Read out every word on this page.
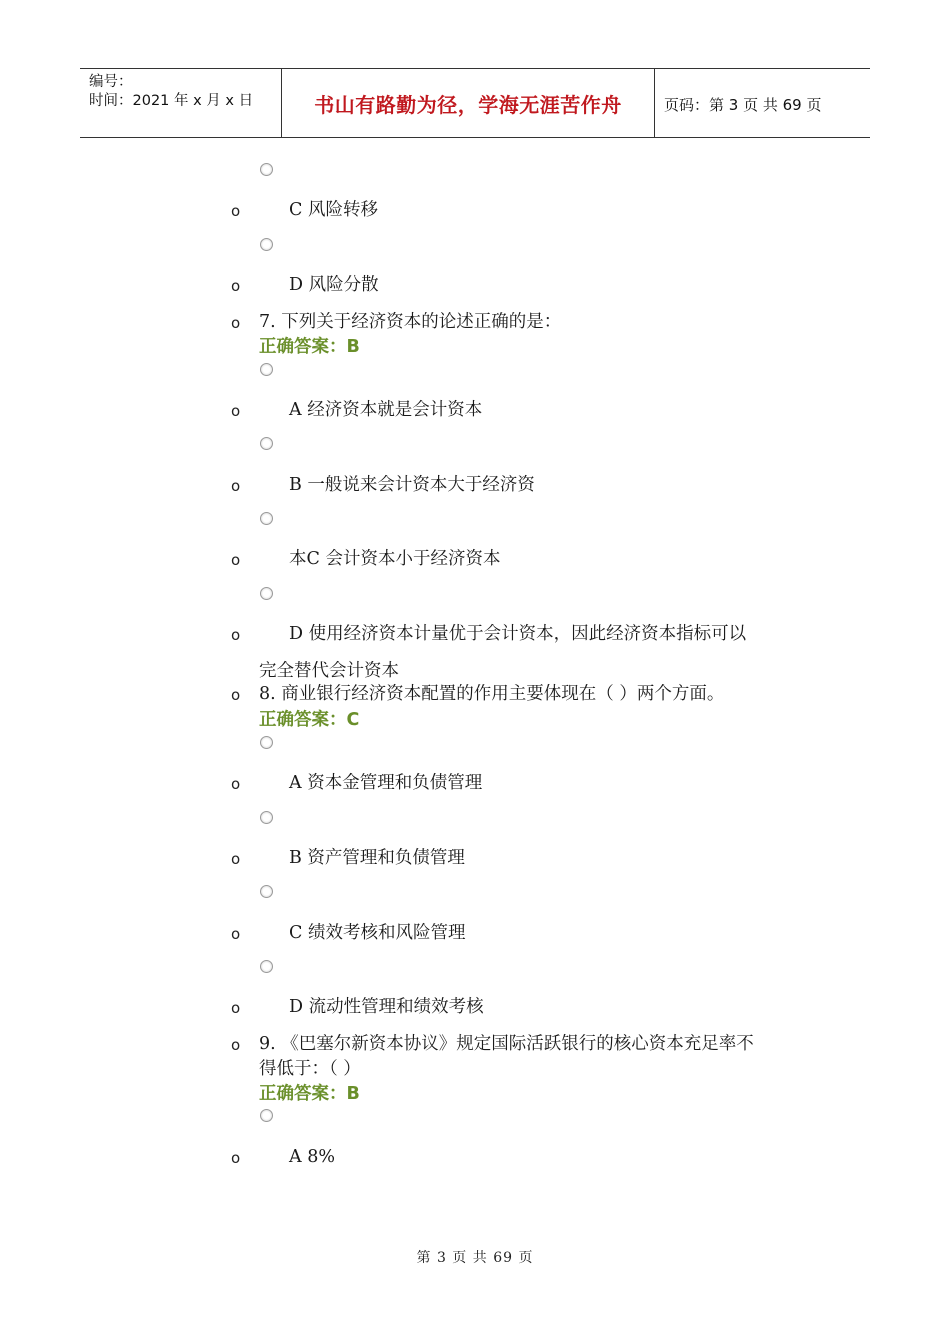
编号：
时间：2021 年 x 月 x 日	书山有路勤为径，学海无涯苦作舟	页码：第 3 页 共 69 页
o	C 风险转移
o	D 风险分散
o 7. 下列关于经济资本的论述正确的是：
正确答案：B
o	A 经济资本就是会计资本
o	B 一般说来会计资本大于经济资
o	本C 会计资本小于经济资本
o	D 使用经济资本计量优于会计资本，因此经济资本指标可以
完全替代会计资本
o 8. 商业银行经济资本配置的作用主要体现在（ ）两个方面。
正确答案：C
o	A 资本金管理和负债管理
o	B 资产管理和负债管理
o	C 绩效考核和风险管理
o	D 流动性管理和绩效考核
o 9. 《巴塞尔新资本协议》规定国际活跃银行的核心资本充足率不
得低于：（ ）
正确答案：B
o	A 8%
第 3 页 共 69 页
